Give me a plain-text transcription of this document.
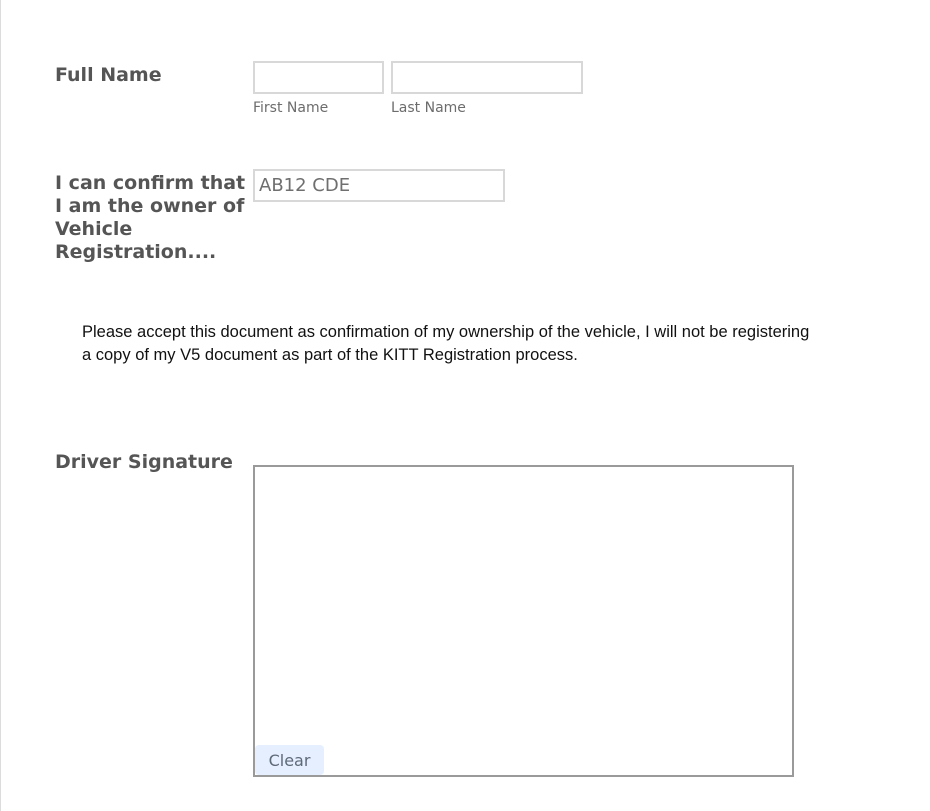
Full Name
First Name	Last Name
I can confirm that
I am the owner of
Vehicle
Registration....
AB12 CDE
Please accept this document as confirmation of my ownership of the vehicle, I will not be registering
a copy of my V5 document as part of the KITT Registration process.
Driver Signature
Clear
